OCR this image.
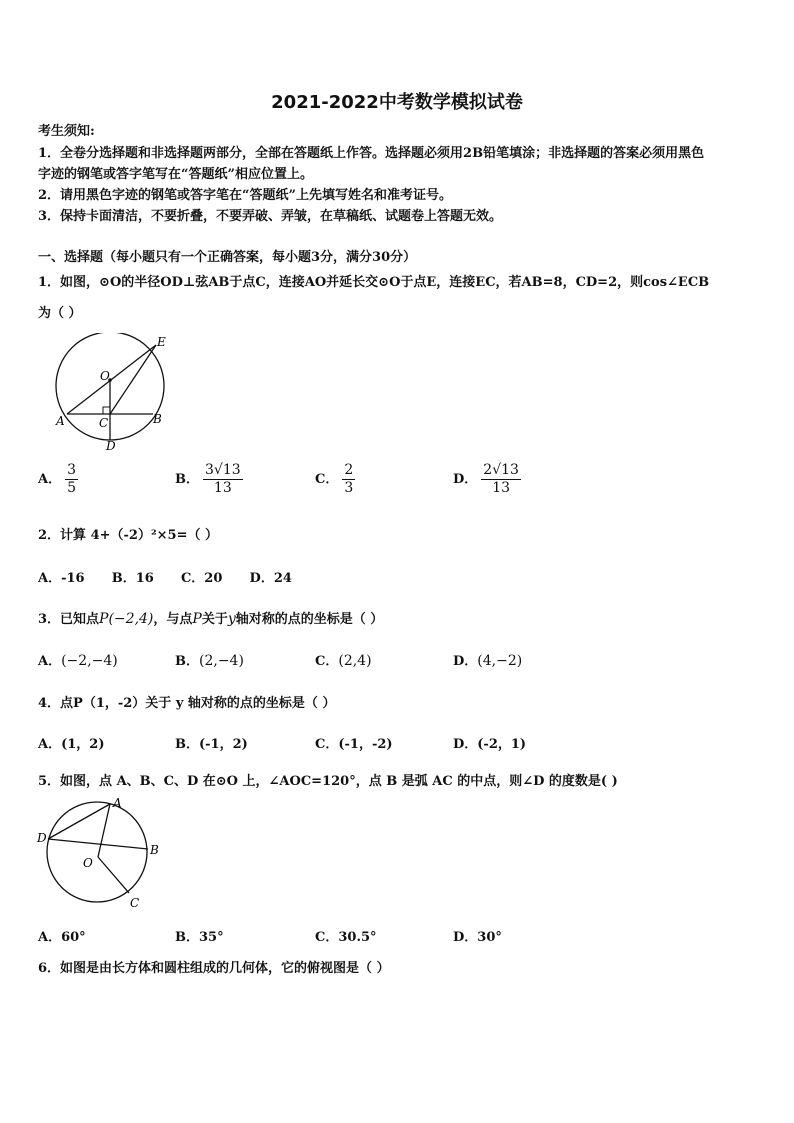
2021-2022中考数学模拟试卷
考生须知:
1．全卷分选择题和非选择题两部分，全部在答题纸上作答。选择题必须用2B铅笔填涂；非选择题的答案必须用黑色
字迹的钢笔或答字笔写在“答题纸”相应位置上。
2．请用黑色字迹的钢笔或答字笔在“答题纸”上先填写姓名和准考证号。
3．保持卡面清洁，不要折叠，不要弄破、弄皱，在草稿纸、试题卷上答题无效。
一、选择题（每小题只有一个正确答案，每小题3分，满分30分）
1．如图，⊙O的半径OD⊥弦AB于点C，连接AO并延长交⊙O于点E，连接EC，若AB=8，CD=2，则cos∠ECB
为（ ）
E
O
A	C	B
D
A． $\frac{3}{5}$	B． $\frac{3√13}{13}$	C． $\frac{2}{3}$	D． $\frac{2√13}{13}$
2．计算 4+（-2）²×5=（ ）
A．-16      B．16      C．20      D．24
3．已知点P(−2,4)，与点P关于y轴对称的点的坐标是（ ）
A．(−2,−4)	B．(2,−4)	C．(2,4)	D．(4,−2)
4．点P（1，-2）关于 y 轴对称的点的坐标是（ ）
A．(1，2)	B．(-1，2)	C．(-1，-2)	D．(-2，1)
5．如图，点 A、B、C、D 在⊙O 上，∠AOC=120°，点 B 是弧 AC 的中点，则∠D 的度数是( )
A
D
B
O
C
A．60°	B．35°	C．30.5°	D．30°
6．如图是由长方体和圆柱组成的几何体，它的俯视图是（ ）
